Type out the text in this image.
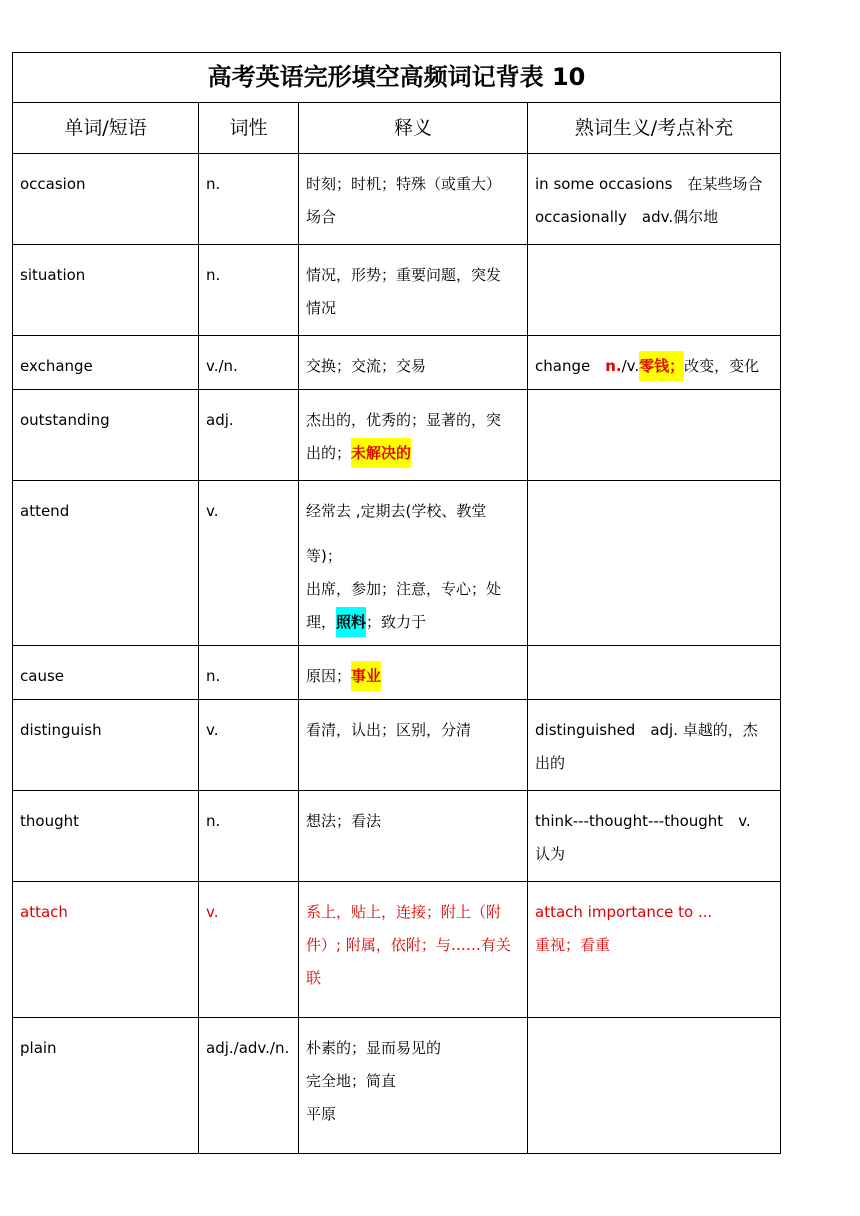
高考英语完形填空高频词记背表 10			
单词/短语	词性	释义	熟词生义/考点补充
occasion	n.	时刻；时机；特殊（或重大）
场合	in some occasions　在某些场合
occasionally　adv.偶尔地

situation	n.	情况，形势；重要问题，突发
情况	

exchange	v./n.	交换；交流；交易	change　n./v.零钱；改变，变化

outstanding	adj.	杰出的，优秀的；显著的，突
出的；未解决的	

attend	v.	经常去 ,定期去(学校、教堂等)；
出席，参加；注意，专心；处
理，照料；致力于	

cause	n.	原因；事业	

distinguish	v.	看清，认出；区别，分清	distinguished　adj. 卓越的，杰
出的

thought	n.	想法；看法	think---thought---thought　v.
认为

attach	v.	系上，贴上，连接；附上（附
件）; 附属，依附；与……有关
联	attach importance to ...
重视；看重

plain	adj./adv./n.	朴素的；显而易见的
完全地；简直
平原	
